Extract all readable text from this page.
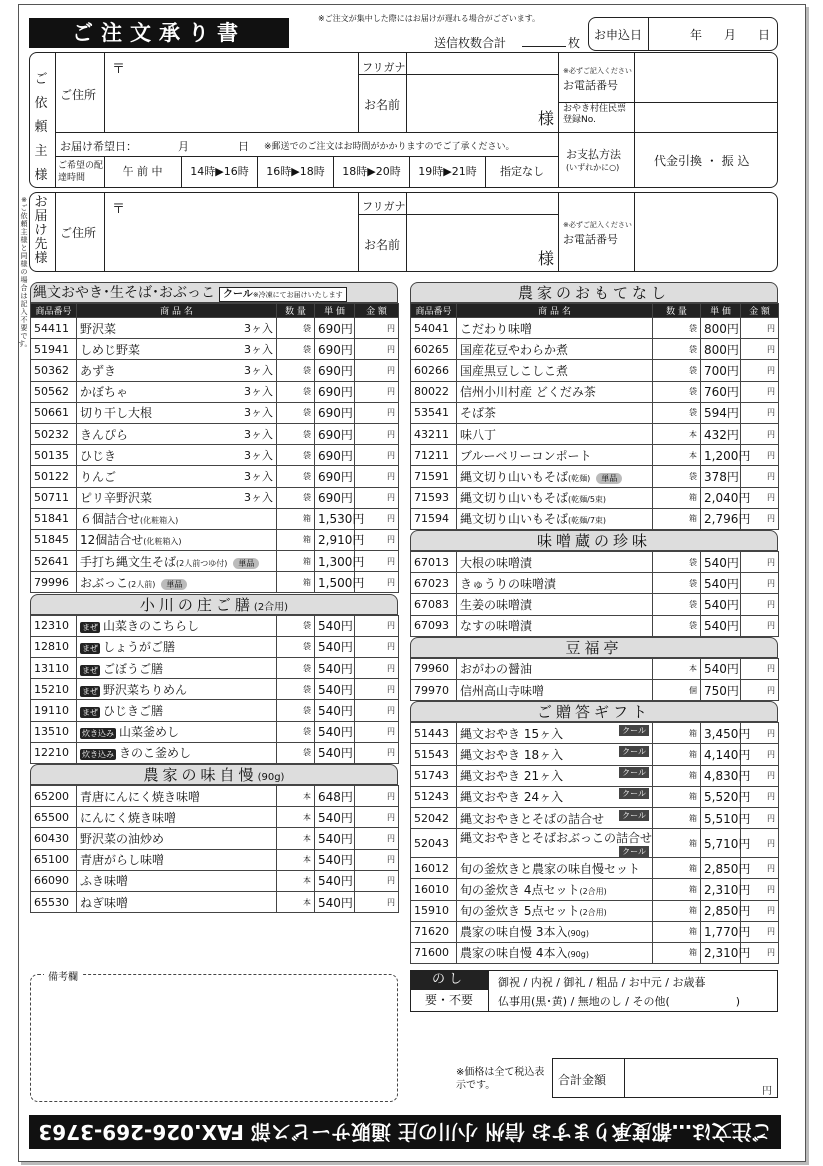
ご注文承り書
※ご注文が集中した際にはお届けが遅れる場合がございます。
送信枚数合計	枚
お申込日	年 月 日
ご依頼主様
ご住所
〒	フリガナ
お名前
様
※必ずご記入ください
お電話番号
おやき村住民票登録No.
お届け希望日：	月	日 ※郵送でのご注文はお時間がかかりますのでご了承ください。
ご希望の配達時間	午 前 中	14時▶16時	16時▶18時	18時▶20時	19時▶21時	指定なし
お支払方法
(いずれかに○)	代金引換 ・ 振 込
※ご依頼主様と同様の場合は記入不要です。
お届け先様
ご住所
〒	フリガナ
お名前
様
※必ずご記入ください
お電話番号
縄文おやき･生そば･おぶっこ クール※冷凍にてお届けいたします
商品番号	商 品 名	数 量	単 価	金 額
54411	野沢菜 3ヶ入	袋	690円	円
51941	しめじ野菜 3ヶ入	袋	690円	円
50362	あずき 3ヶ入	袋	690円	円
50562	かぼちゃ 3ヶ入	袋	690円	円
50661	切り干し大根 3ヶ入	袋	690円	円
50232	きんぴら 3ヶ入	袋	690円	円
50135	ひじき 3ヶ入	袋	690円	円
50122	りんご 3ヶ入	袋	690円	円
50711	ピリ辛野沢菜 3ヶ入	袋	690円	円
51841	６個詰合せ(化粧箱入)	箱	1,530円	円
51845	12個詰合せ(化粧箱入)	箱	2,910円	円
52641	手打ち縄文生そば(2人前つゆ付) 単品	箱	1,300円	円
79996	おぶっこ(2人前) 単品	箱	1,500円	円
小川の庄ご膳(2合用)
12310	まぜ 山菜きのこちらし	袋	540円	円
12810	まぜ しょうがご膳	袋	540円	円
13110	まぜ ごぼうご膳	袋	540円	円
15210	まぜ 野沢菜ちりめん	袋	540円	円
19110	まぜ ひじきご膳	袋	540円	円
13510	炊き込み 山菜釜めし	袋	540円	円
12210	炊き込み きのこ釜めし	袋	540円	円
農家の味自慢(90g)
65200	青唐にんにく焼き味噌	本	648円	円
65500	にんにく焼き味噌	本	540円	円
60430	野沢菜の油炒め	本	540円	円
65100	青唐がらし味噌	本	540円	円
66090	ふき味噌	本	540円	円
65530	ねぎ味噌	本	540円	円
農家のおもてなし
商品番号	商 品 名	数 量	単 価	金 額
54041	こだわり味噌	袋	800円	円
60265	国産花豆やわらか煮	袋	800円	円
60266	国産黒豆しこしこ煮	袋	700円	円
80022	信州小川村産 どくだみ茶	袋	760円	円
53541	そば茶	袋	594円	円
43211	味八丁	本	432円	円
71211	ブルーベリーコンポート	本	1,200円	円
71591	縄文切り山いもそば(乾麺) 単品	袋	378円	円
71593	縄文切り山いもそば(乾麺/5束)	箱	2,040円	円
71594	縄文切り山いもそば(乾麺/7束)	箱	2,796円	円
味噌蔵の珍味
67013	大根の味噌漬	袋	540円	円
67023	きゅうりの味噌漬	袋	540円	円
67083	生姜の味噌漬	袋	540円	円
67093	なすの味噌漬	袋	540円	円
豆福亭
79960	おがわの醤油	本	540円	円
79970	信州高山寺味噌	個	750円	円
ご贈答ギフト
51443	縄文おやき 15ヶ入 クール	箱	3,450円	円
51543	縄文おやき 18ヶ入 クール	箱	4,140円	円
51743	縄文おやき 21ヶ入 クール	箱	4,830円	円
51243	縄文おやき 24ヶ入 クール	箱	5,520円	円
52042	縄文おやきとそばの詰合せ クール	箱	5,510円	円
52043	縄文おやきとそばおぶっこの詰合せ
クール	箱	5,710円	円
16012	旬の釜炊きと農家の味自慢セット	箱	2,850円	円
16010	旬の釜炊き 4点セット(2合用)	箱	2,310円	円
15910	旬の釜炊き 5点セット(2合用)	箱	2,850円	円
71620	農家の味自慢 3本入(90g)	箱	1,770円	円
71600	農家の味自慢 4本入(90g)	箱	2,310円	円
備考欄	のし
要・不要
御祝 / 内祝 / 御礼 / 粗品 / お中元 / お歳暮
仏事用(黒･黄) / 無地のし / その他(　　　　　　)
※価格は全て税込表示です。	合計金額
円
ご注文は…都度承りますお 信州 小川の庄 通販サービス部 FAX.026-269-3763
